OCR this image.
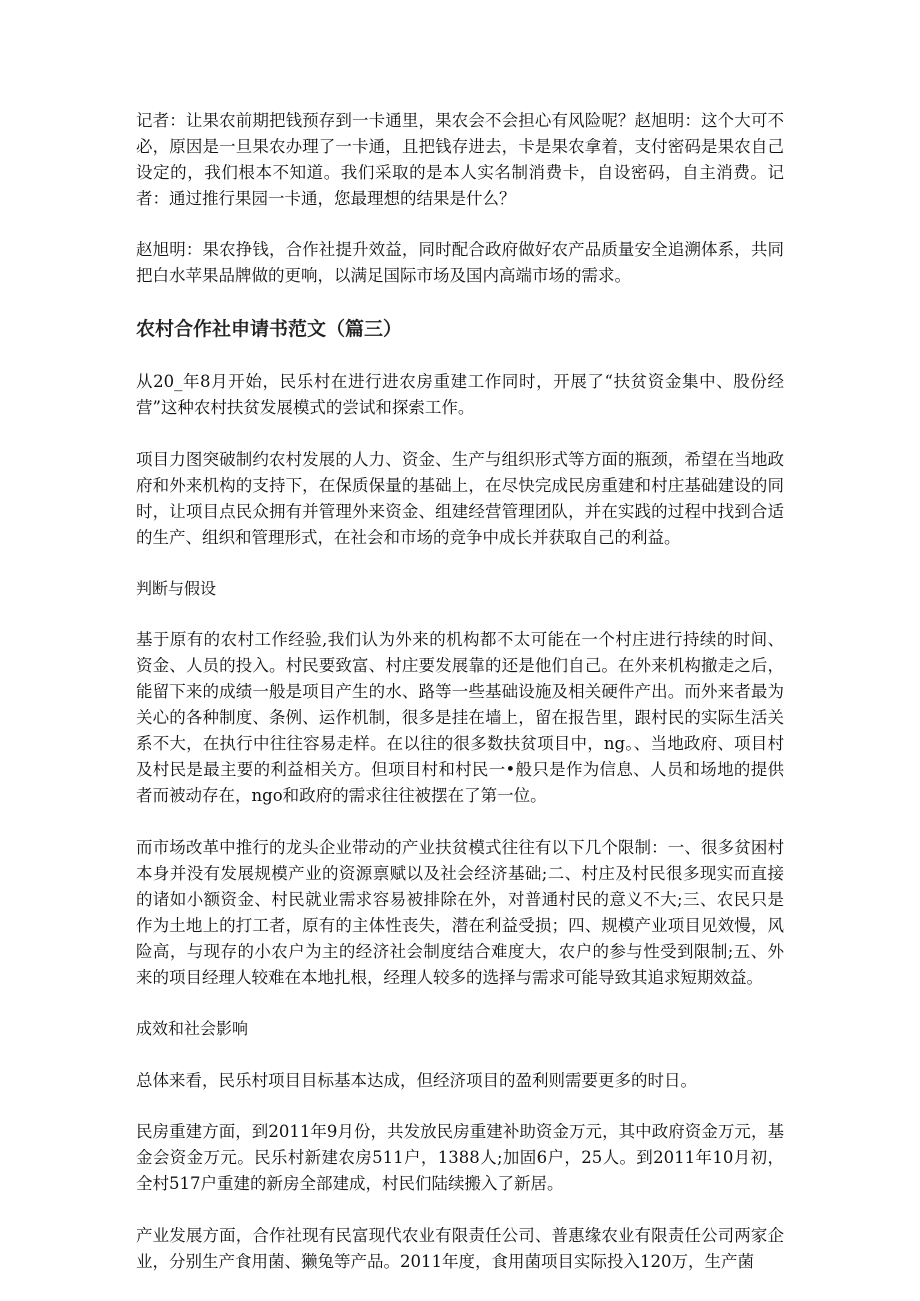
记者：让果农前期把钱预存到一卡通里，果农会不会担心有风险呢？赵旭明：这个大可不必，原因是一旦果农办理了一卡通，且把钱存进去，卡是果农拿着，支付密码是果农自己设定的，我们根本不知道。我们采取的是本人实名制消费卡，自设密码，自主消费。记者：通过推行果园一卡通，您最理想的结果是什么？

赵旭明：果农挣钱，合作社提升效益，同时配合政府做好农产品质量安全追溯体系，共同把白水苹果品牌做的更响，以满足国际市场及国内高端市场的需求。

农村合作社申请书范文（篇三）

从20_年8月开始，民乐村在进行进农房重建工作同时，开展了“扶贫资金集中、股份经营”这种农村扶贫发展模式的尝试和探索工作。

项目力图突破制约农村发展的人力、资金、生产与组织形式等方面的瓶颈，希望在当地政府和外来机构的支持下，在保质保量的基础上，在尽快完成民房重建和村庄基础建设的同时，让项目点民众拥有并管理外来资金、组建经营管理团队，并在实践的过程中找到合适的生产、组织和管理形式，在社会和市场的竞争中成长并获取自己的利益。

判断与假设

基于原有的农村工作经验,我们认为外来的机构都不太可能在一个村庄进行持续的时间、资金、人员的投入。村民要致富、村庄要发展靠的还是他们自己。在外来机构撤走之后，能留下来的成绩一般是项目产生的水、路等一些基础设施及相关硬件产出。而外来者最为关心的各种制度、条例、运作机制，很多是挂在墙上，留在报告里，跟村民的实际生活关系不大，在执行中往往容易走样。在以往的很多数扶贫项目中，ng。、当地政府、项目村及村民是最主要的利益相关方。但项目村和村民一•般只是作为信息、人员和场地的提供者而被动存在，ngo和政府的需求往往被摆在了第一位。

而市场改革中推行的龙头企业带动的产业扶贫模式往往有以下几个限制：一、很多贫困村本身并没有发展规模产业的资源禀赋以及社会经济基础;二、村庄及村民很多现实而直接的诸如小额资金、村民就业需求容易被排除在外，对普通村民的意义不大;三、农民只是作为土地上的打工者，原有的主体性丧失，潜在利益受损；四、规模产业项目见效慢，风险高，与现存的小农户为主的经济社会制度结合难度大，农户的参与性受到限制;五、外来的项目经理人较难在本地扎根，经理人较多的选择与需求可能导致其追求短期效益。

成效和社会影响

总体来看，民乐村项目目标基本达成，但经济项目的盈利则需要更多的时日。

民房重建方面，到2011年9月份，共发放民房重建补助资金万元，其中政府资金万元，基金会资金万元。民乐村新建农房511户，1388人;加固6户，25人。到2011年10月初，全村517户重建的新房全部建成，村民们陆续搬入了新居。

产业发展方面，合作社现有民富现代农业有限责任公司、普惠缘农业有限责任公司两家企业，分别生产食用菌、獭兔等产品。2011年度，食用菌项目实际投入120万，生产菌
